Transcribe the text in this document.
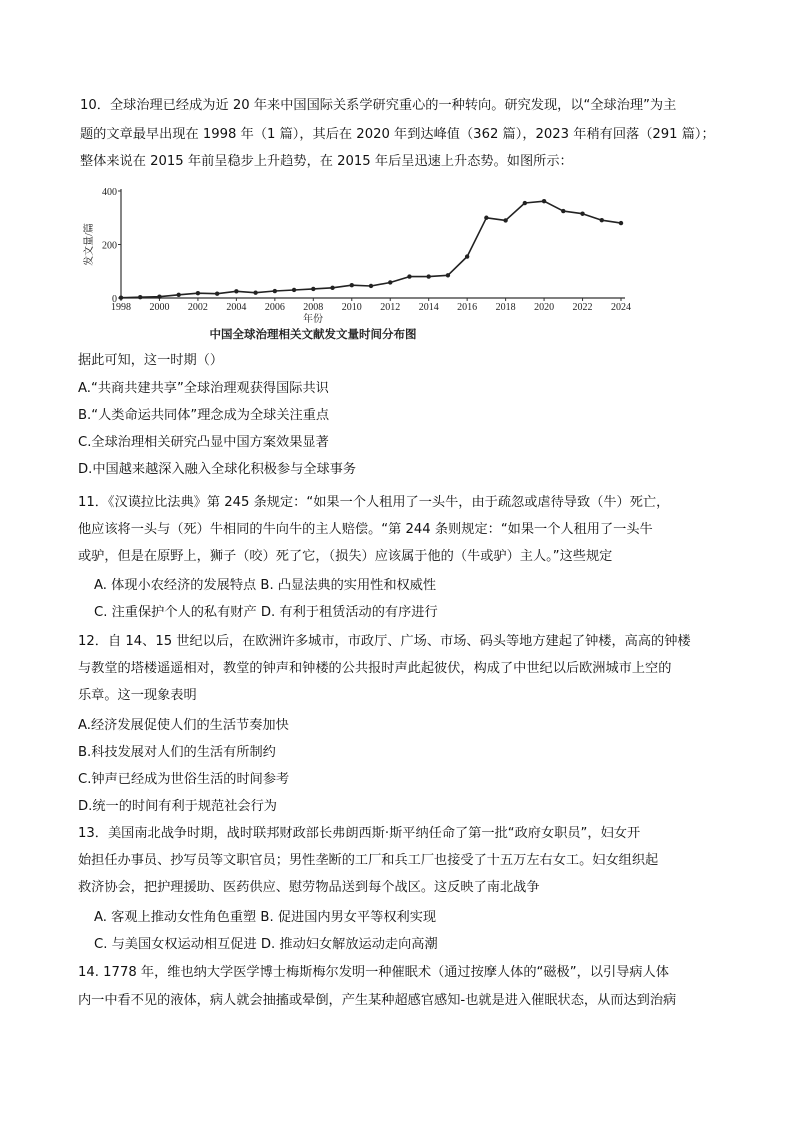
10．全球治理已经成为近 20 年来中国国际关系学研究重心的一种转向。研究发现，以“全球治理”为主
题的文章最早出现在 1998 年（1 篇），其后在 2020 年到达峰值（362 篇），2023 年稍有回落（291 篇）；
整体来说在 2015 年前呈稳步上升趋势，在 2015 年后呈迅速上升态势。如图所示：
0
200
400
1998 2000 2002 2004 2006 2008 2010 2012 2014 2016 2018 2020 2022 2024
发文量/篇
年份
中国全球治理相关文献发文量时间分布图
据此可知，这一时期（）
A.“共商共建共享”全球治理观获得国际共识
B.“人类命运共同体”理念成为全球关注重点
C.全球治理相关研究凸显中国方案效果显著
D.中国越来越深入融入全球化积极参与全球事务
11．《汉谟拉比法典》第 245 条规定：“如果一个人租用了一头牛，由于疏忽或虐待导致（牛）死亡，
他应该将一头与（死）牛相同的牛向牛的主人赔偿。“第 244 条则规定：“如果一个人租用了一头牛
或驴，但是在原野上，狮子（咬）死了它，（损失）应该属于他的（牛或驴）主人。”这些规定
A. 体现小农经济的发展特点 B. 凸显法典的实用性和权威性
C. 注重保护个人的私有财产 D. 有利于租赁活动的有序进行
12．自 14、15 世纪以后，在欧洲许多城市，市政厅、广场、市场、码头等地方建起了钟楼，高高的钟楼
与教堂的塔楼遥遥相对，教堂的钟声和钟楼的公共报时声此起彼伏，构成了中世纪以后欧洲城市上空的
乐章。这一现象表明
A.经济发展促使人们的生活节奏加快
B.科技发展对人们的生活有所制约
C.钟声已经成为世俗生活的时间参考
D.统一的时间有利于规范社会行为
13．美国南北战争时期，战时联邦财政部长弗朗西斯·斯平纳任命了第一批“政府女职员”，妇女开
始担任办事员、抄写员等文职官员；男性垄断的工厂和兵工厂也接受了十五万左右女工。妇女组织起
救济协会，把护理援助、医药供应、慰劳物品送到每个战区。这反映了南北战争
A. 客观上推动女性角色重塑 B. 促进国内男女平等权利实现
C. 与美国女权运动相互促进 D. 推动妇女解放运动走向高潮
14. 1778 年，维也纳大学医学博士梅斯梅尔发明一种催眠术（通过按摩人体的“磁极”，以引导病人体
内一中看不见的液体，病人就会抽搐或晕倒，产生某种超感官感知-也就是进入催眠状态，从而达到治病
